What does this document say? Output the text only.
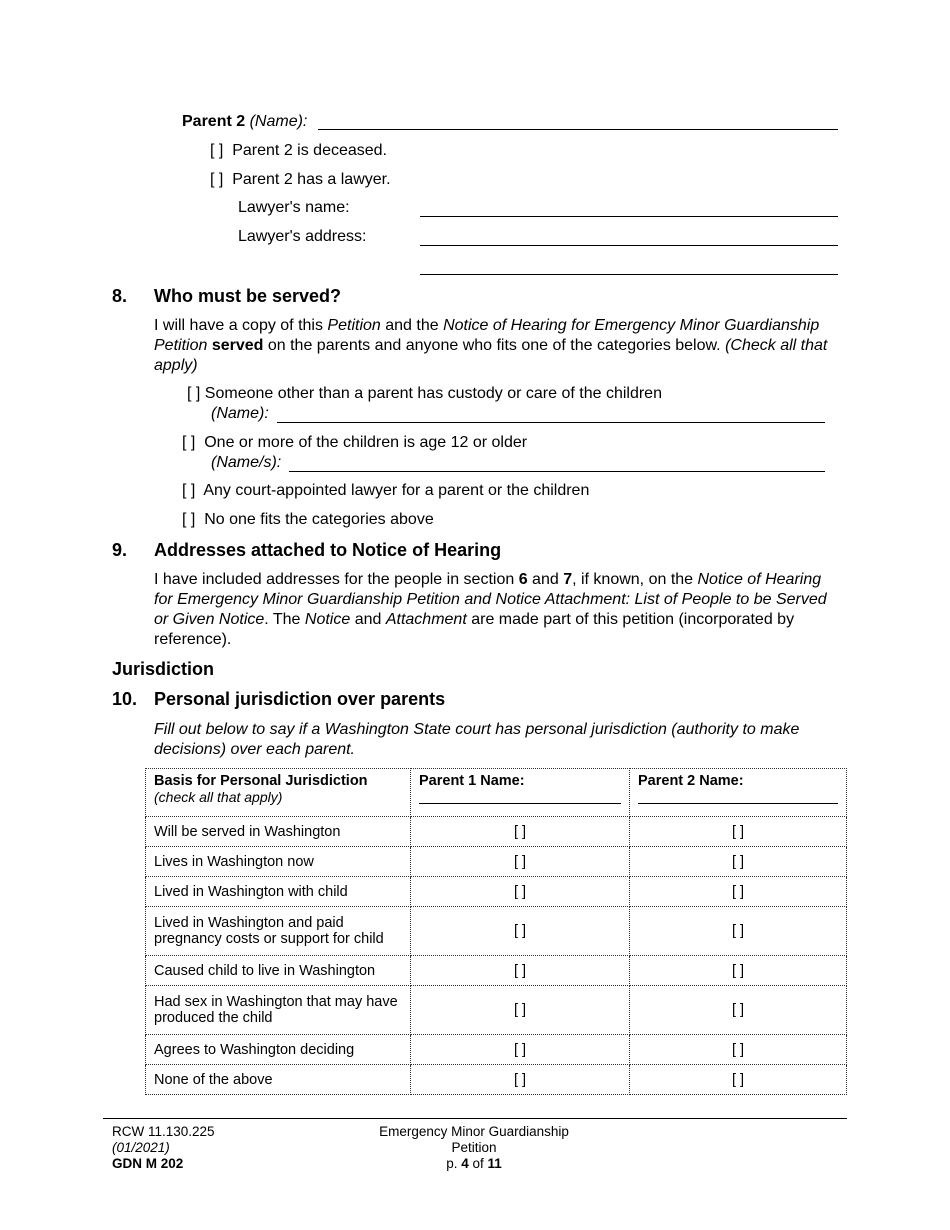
Parent 2 (Name):
[ ] Parent 2 is deceased.
[ ] Parent 2 has a lawyer.
Lawyer's name:
Lawyer's address:
8. Who must be served?
I will have a copy of this Petition and the Notice of Hearing for Emergency Minor Guardianship Petition served on the parents and anyone who fits one of the categories below. (Check all that apply)
[ ] Someone other than a parent has custody or care of the children
(Name):
[ ] One or more of the children is age 12 or older
(Name/s):
[ ] Any court-appointed lawyer for a parent or the children
[ ] No one fits the categories above
9. Addresses attached to Notice of Hearing
I have included addresses for the people in section 6 and 7, if known, on the Notice of Hearing for Emergency Minor Guardianship Petition and Notice Attachment: List of People to be Served or Given Notice. The Notice and Attachment are made part of this petition (incorporated by reference).
Jurisdiction
10. Personal jurisdiction over parents
Fill out below to say if a Washington State court has personal jurisdiction (authority to make decisions) over each parent.
Basis for Personal Jurisdiction
(check all that apply)	Parent 1 Name:	Parent 2 Name:

Will be served in Washington	[ ]	[ ]
Lives in Washington now	[ ]	[ ]
Lived in Washington with child	[ ]	[ ]
Lived in Washington and paid pregnancy costs or support for child	[ ]	[ ]
Caused child to live in Washington	[ ]	[ ]
Had sex in Washington that may have produced the child	[ ]	[ ]
Agrees to Washington deciding	[ ]	[ ]
None of the above	[ ]	[ ]
RCW 11.130.225
(01/2021)
GDN M 202
Emergency Minor Guardianship
Petition
p. 4 of 11
